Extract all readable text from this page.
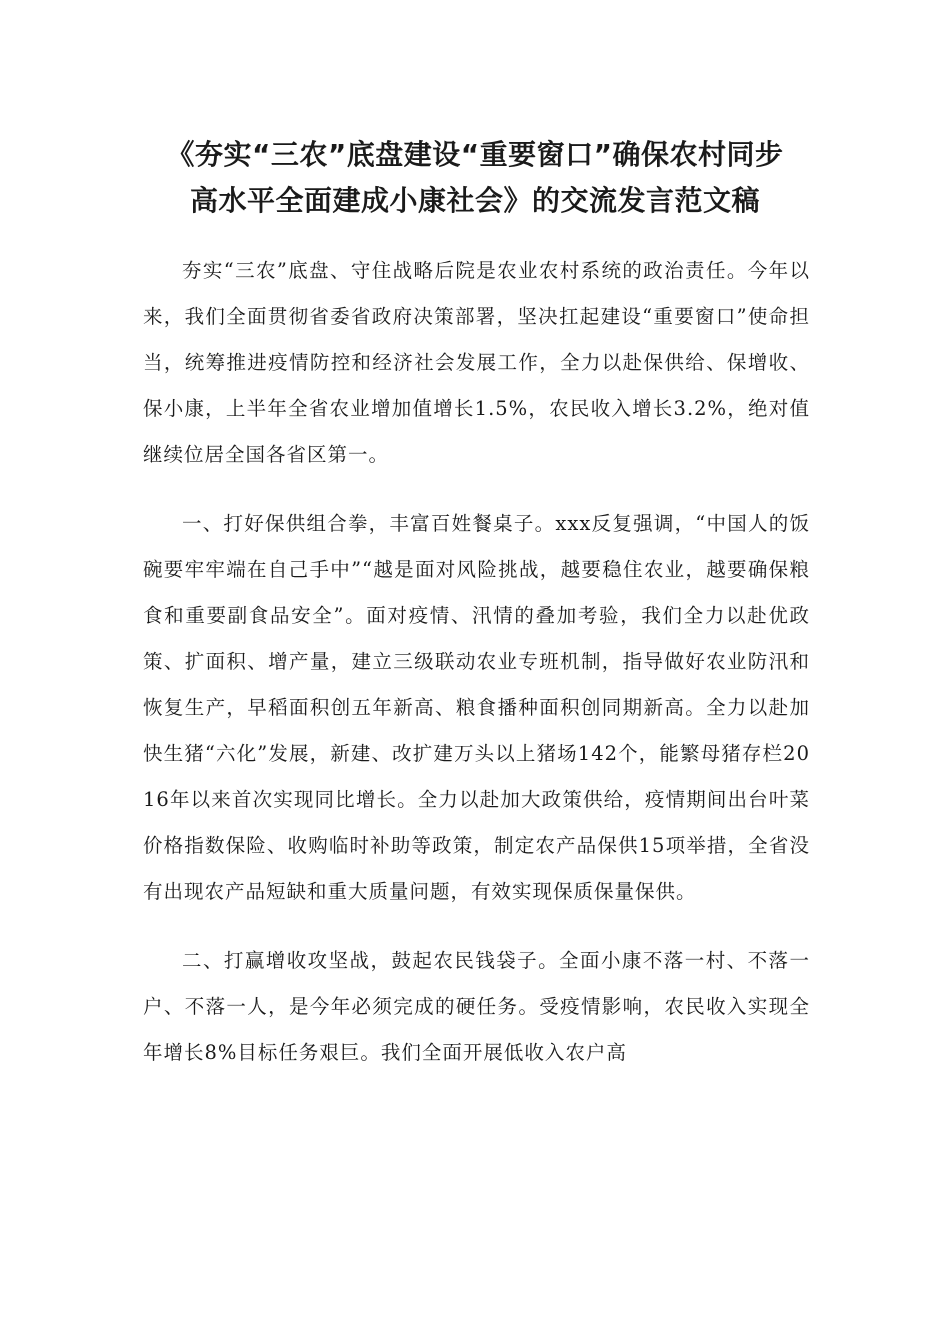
《夯实“三农”底盘建设“重要窗口”确保农村同步
高水平全面建成小康社会》的交流发言范文稿

夯实“三农”底盘、守住战略后院是农业农村系统的政治责任。今年以来，我们全面贯彻省委省政府决策部署，坚决扛起建设“重要窗口”使命担当，统筹推进疫情防控和经济社会发展工作，全力以赴保供给、保增收、保小康，上半年全省农业增加值增长1.5%，农民收入增长3.2%，绝对值继续位居全国各省区第一。

一、打好保供组合拳，丰富百姓餐桌子。xxx反复强调，“中国人的饭碗要牢牢端在自己手中”“越是面对风险挑战，越要稳住农业，越要确保粮食和重要副食品安全”。面对疫情、汛情的叠加考验，我们全力以赴优政策、扩面积、增产量，建立三级联动农业专班机制，指导做好农业防汛和恢复生产，早稻面积创五年新高、粮食播种面积创同期新高。全力以赴加快生猪“六化”发展，新建、改扩建万头以上猪场142个，能繁母猪存栏2016年以来首次实现同比增长。全力以赴加大政策供给，疫情期间出台叶菜价格指数保险、收购临时补助等政策，制定农产品保供15项举措，全省没有出现农产品短缺和重大质量问题，有效实现保质保量保供。

二、打赢增收攻坚战，鼓起农民钱袋子。全面小康不落一村、不落一户、不落一人，是今年必须完成的硬任务。受疫情影响，农民收入实现全年增长8%目标任务艰巨。我们全面开展低收入农户高
